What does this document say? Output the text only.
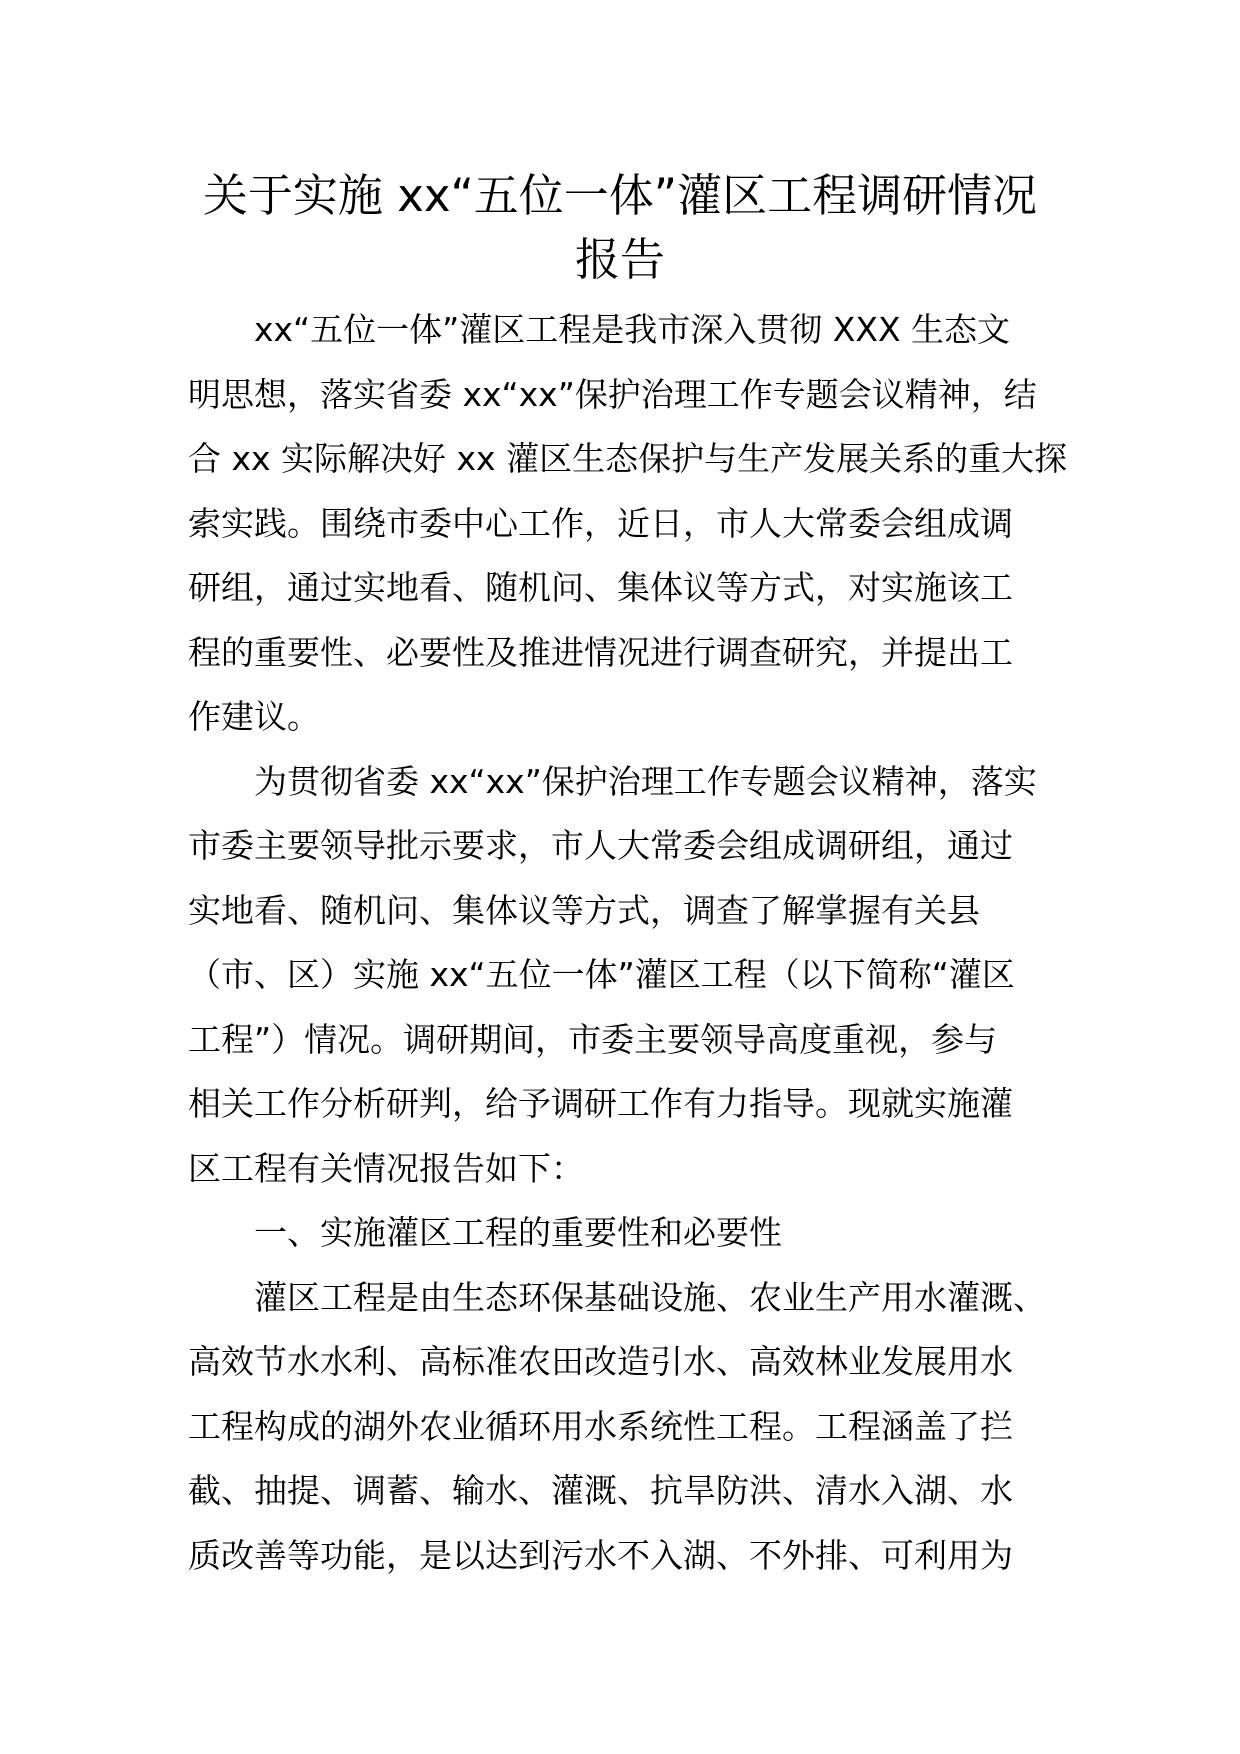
关于实施 xx“五位一体”灌区工程调研情况
报告
xx“五位一体”灌区工程是我市深入贯彻 XXX 生态文
明思想，落实省委 xx“xx”保护治理工作专题会议精神，结
合 xx 实际解决好 xx 灌区生态保护与生产发展关系的重大探
索实践。围绕市委中心工作，近日，市人大常委会组成调
研组，通过实地看、随机问、集体议等方式，对实施该工
程的重要性、必要性及推进情况进行调查研究，并提出工
作建议。
为贯彻省委 xx“xx”保护治理工作专题会议精神，落实
市委主要领导批示要求，市人大常委会组成调研组，通过
实地看、随机问、集体议等方式，调查了解掌握有关县
（市、区）实施 xx“五位一体”灌区工程（以下简称“灌区
工程”）情况。调研期间，市委主要领导高度重视，参与
相关工作分析研判，给予调研工作有力指导。现就实施灌
区工程有关情况报告如下：
一、实施灌区工程的重要性和必要性
灌区工程是由生态环保基础设施、农业生产用水灌溉、
高效节水水利、高标准农田改造引水、高效林业发展用水
工程构成的湖外农业循环用水系统性工程。工程涵盖了拦
截、抽提、调蓄、输水、灌溉、抗旱防洪、清水入湖、水
质改善等功能，是以达到污水不入湖、不外排、可利用为
